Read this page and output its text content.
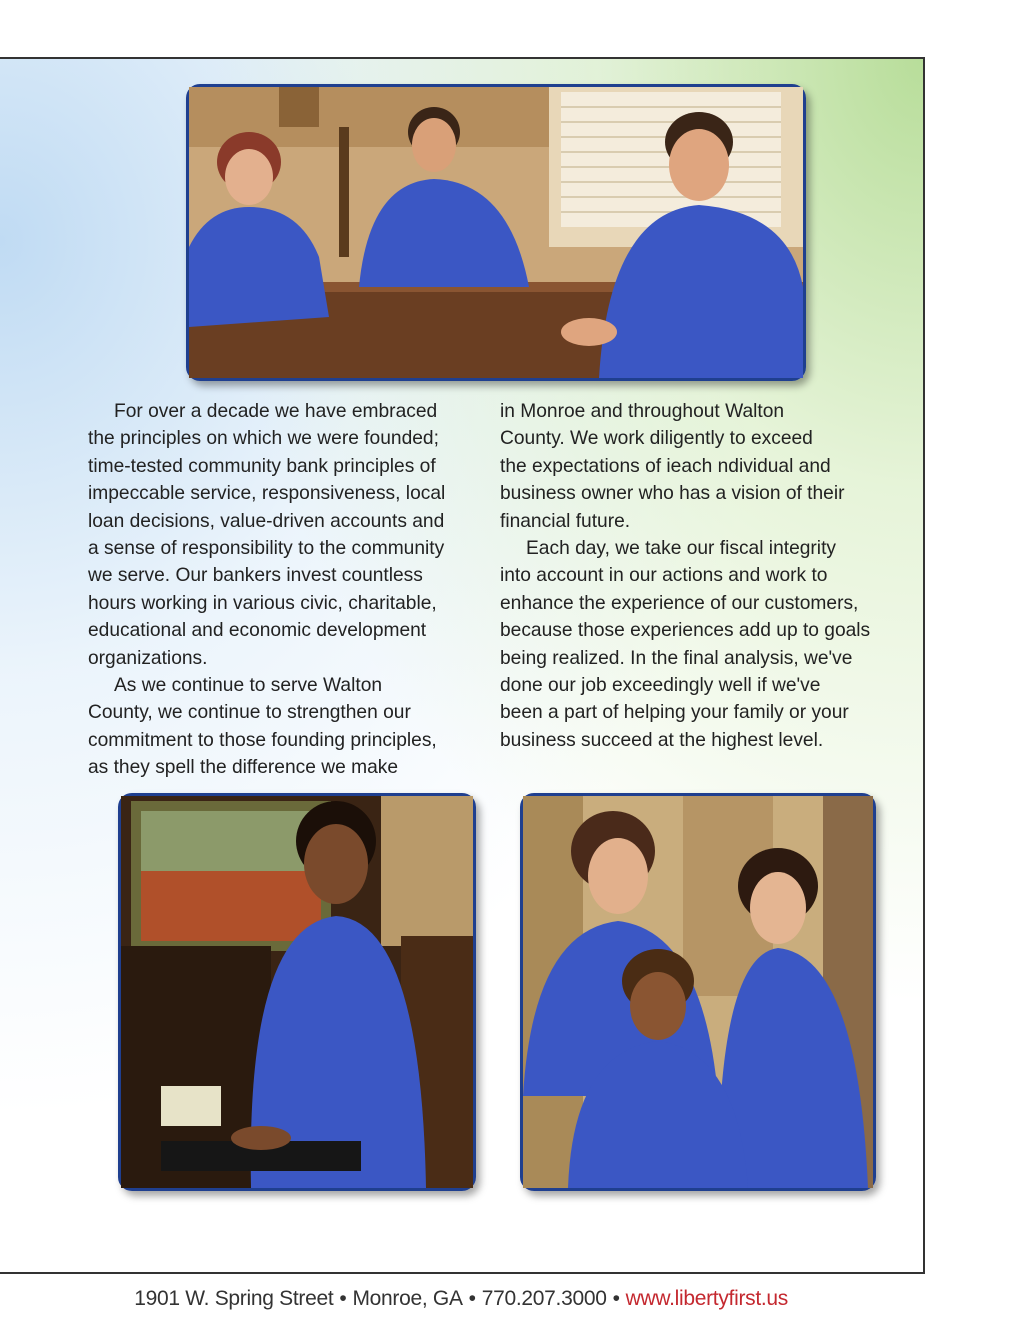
For over a decade we have embraced
the principles on which we were founded;
time-tested community bank principles of
impeccable service, responsiveness, local
loan decisions, value-driven accounts and
a sense of responsibility to the community
we serve. Our bankers invest countless
hours working in various civic, charitable,
educational and economic development
organizations.

As we continue to serve Walton
County, we continue to strengthen our
commitment to those founding principles,
as they spell the difference we make

in Monroe and throughout Walton
County. We work diligently to exceed
the expectations of ieach ndividual and
business owner who has a vision of their
financial future.

Each day, we take our fiscal integrity
into account in our actions and work to
enhance the experience of our customers,
because those experiences add up to goals
being realized. In the final analysis, we've
done our job exceedingly well if we've
been a part of helping your family or your
business succeed at the highest level.

1901 W. Spring Street • Monroe, GA • 770.207.3000 • www.libertyfirst.us
